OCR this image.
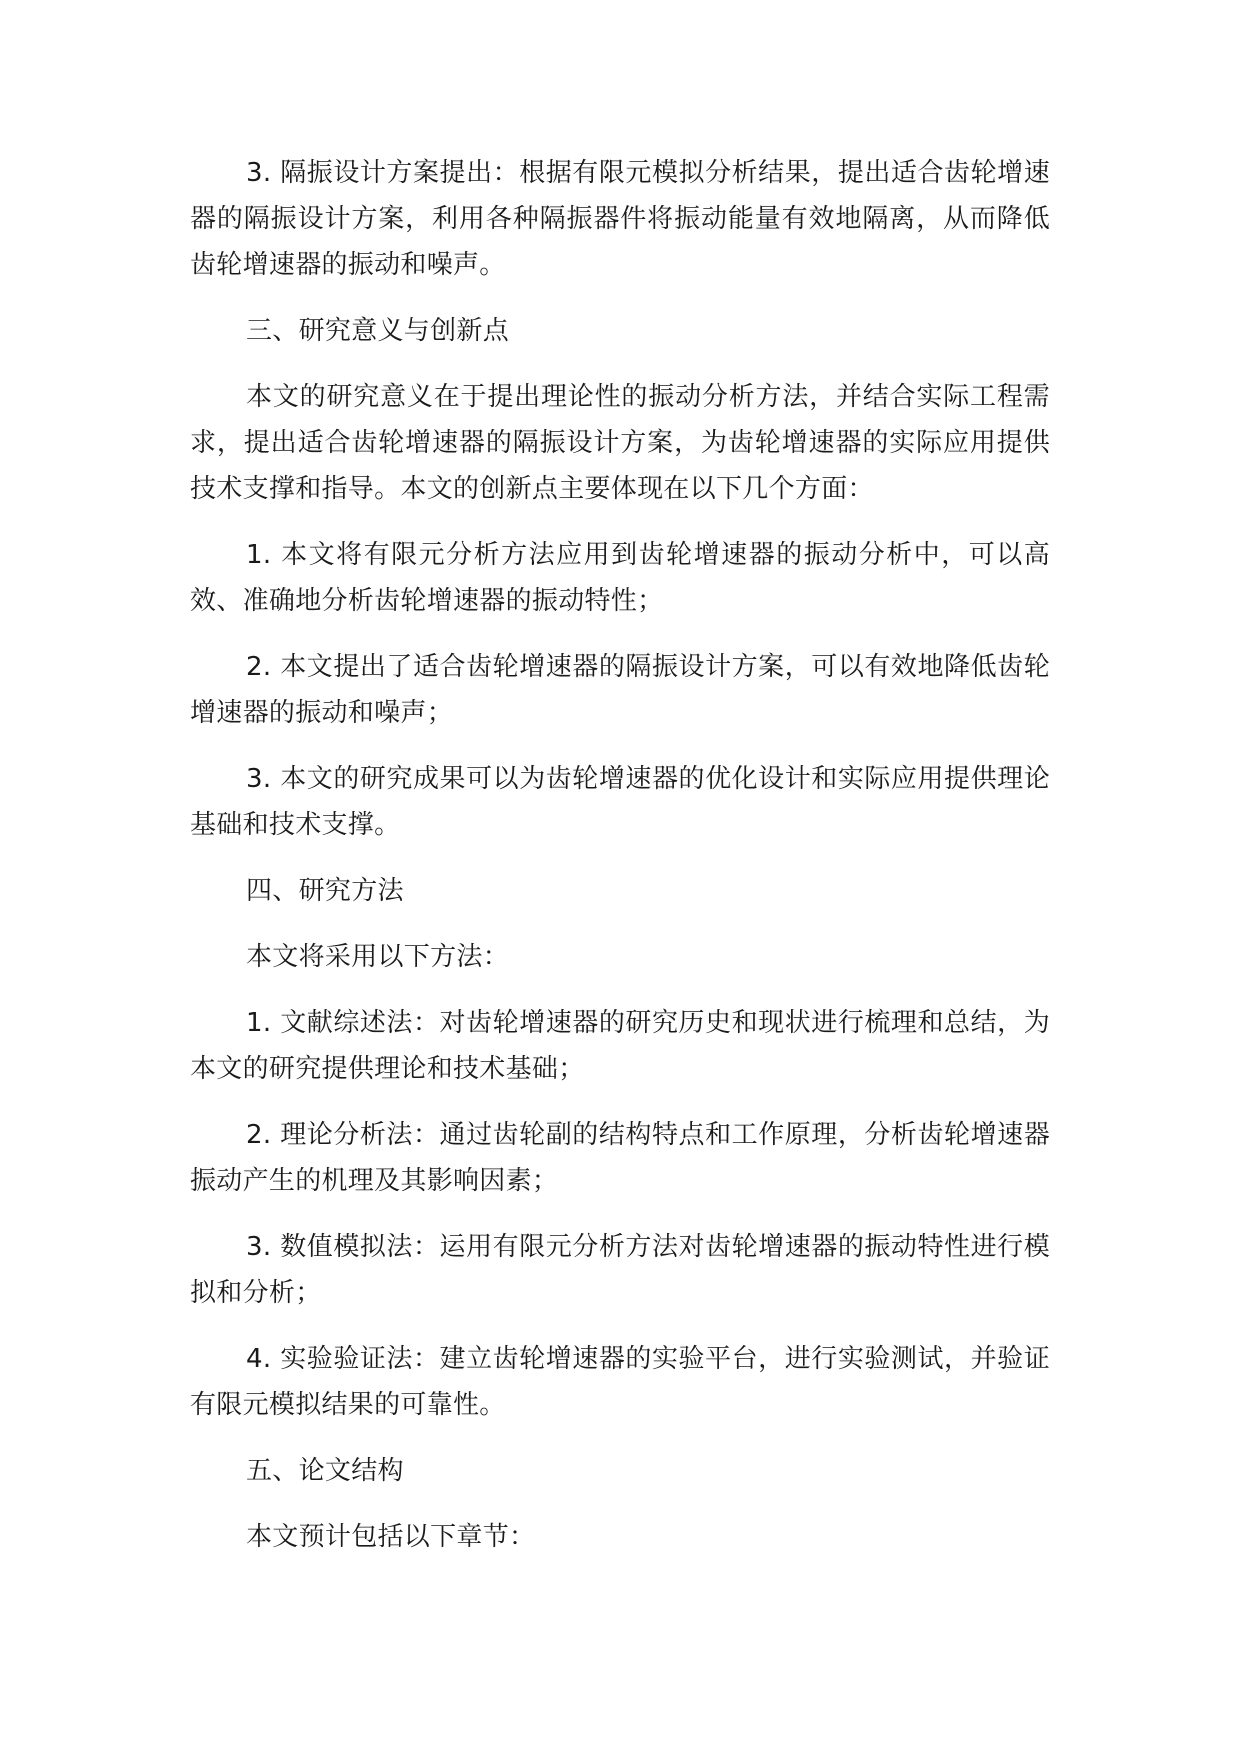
3. 隔振设计方案提出：根据有限元模拟分析结果，提出适合齿轮增速器的隔振设计方案，利用各种隔振器件将振动能量有效地隔离，从而降低齿轮增速器的振动和噪声。

三、研究意义与创新点

本文的研究意义在于提出理论性的振动分析方法，并结合实际工程需求，提出适合齿轮增速器的隔振设计方案，为齿轮增速器的实际应用提供技术支撑和指导。本文的创新点主要体现在以下几个方面：

1. 本文将有限元分析方法应用到齿轮增速器的振动分析中，可以高效、准确地分析齿轮增速器的振动特性；

2. 本文提出了适合齿轮增速器的隔振设计方案，可以有效地降低齿轮增速器的振动和噪声；

3. 本文的研究成果可以为齿轮增速器的优化设计和实际应用提供理论基础和技术支撑。

四、研究方法

本文将采用以下方法：

1. 文献综述法：对齿轮增速器的研究历史和现状进行梳理和总结，为本文的研究提供理论和技术基础；

2. 理论分析法：通过齿轮副的结构特点和工作原理，分析齿轮增速器振动产生的机理及其影响因素；

3. 数值模拟法：运用有限元分析方法对齿轮增速器的振动特性进行模拟和分析；

4. 实验验证法：建立齿轮增速器的实验平台，进行实验测试，并验证有限元模拟结果的可靠性。

五、论文结构

本文预计包括以下章节：
